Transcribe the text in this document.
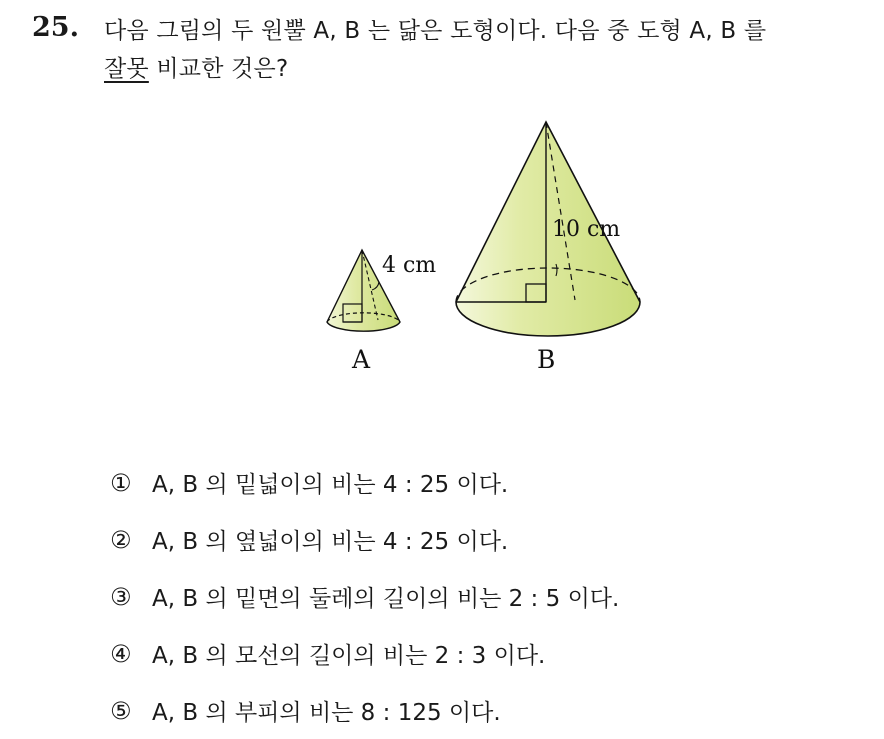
25. 다음 그림의 두 원뿔 A, B 는 닮은 도형이다. 다음 중 도형 A, B 를
잘못 비교한 것은?
4 cm
A
10 cm
B
① A, B 의 밑넓이의 비는 4 : 25 이다.
② A, B 의 옆넓이의 비는 4 : 25 이다.
③ A, B 의 밑면의 둘레의 길이의 비는 2 : 5 이다.
④ A, B 의 모선의 길이의 비는 2 : 3 이다.
⑤ A, B 의 부피의 비는 8 : 125 이다.
